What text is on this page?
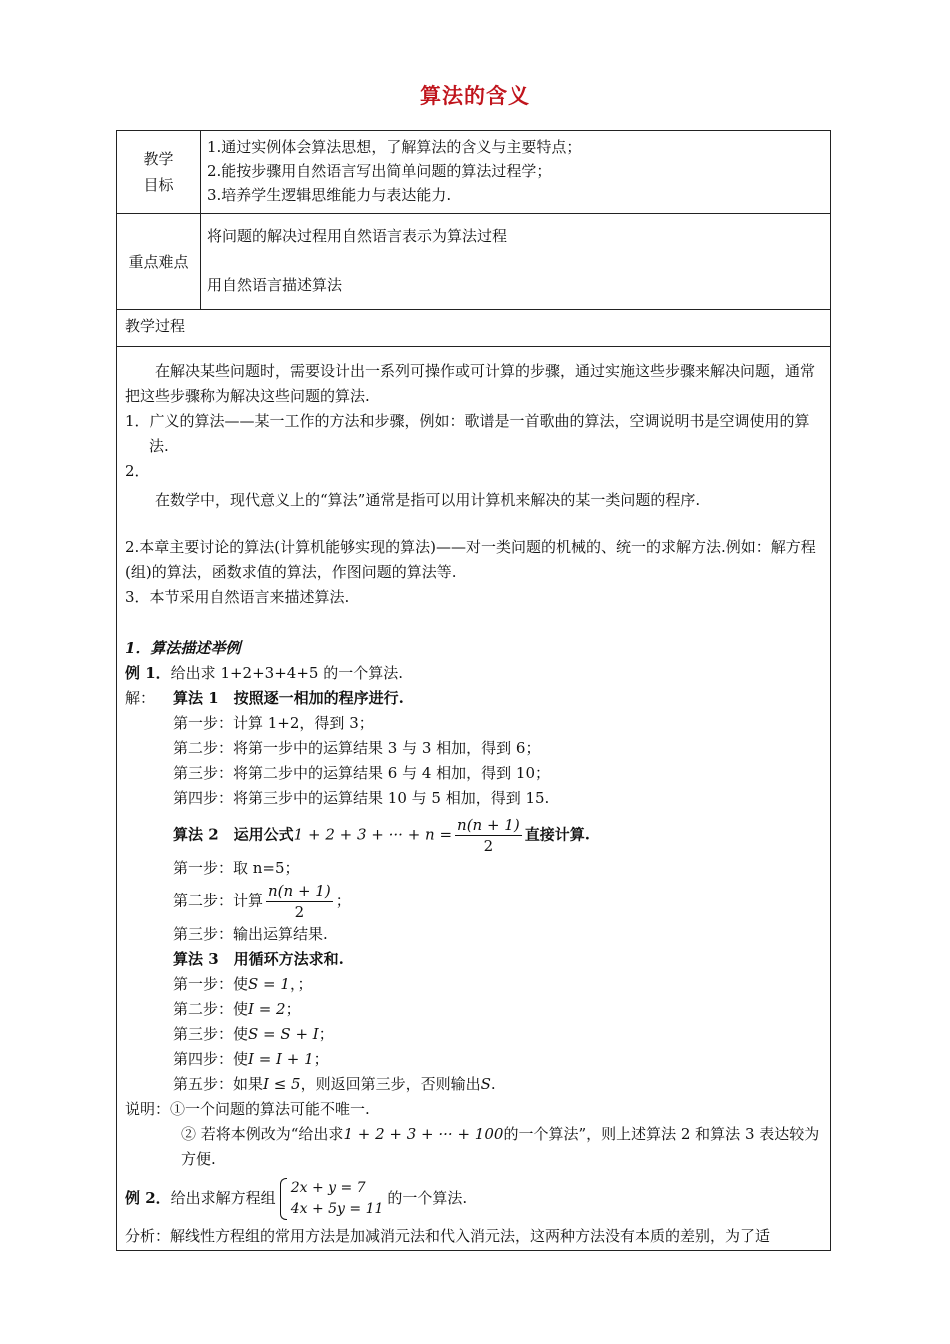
算法的含义
教学目标

1.通过实例体会算法思想，了解算法的含义与主要特点；

2.能按步骤用自然语言写出简单问题的算法过程学；

3.培养学生逻辑思维能力与表达能力.

重点难点

将问题的解决过程用自然语言表示为算法过程

用自然语言描述算法

教学过程

在解决某些问题时，需要设计出一系列可操作或可计算的步骤，通过实施这些步骤来解决问题，通常把这些步骤称为解决这些问题的算法.

1．广义的算法——某一工作的方法和步骤，例如：歌谱是一首歌曲的算法，空调说明书是空调使用的算法.

2．

在数学中，现代意义上的“算法”通常是指可以用计算机来解决的某一类问题的程序.

2.本章主要讨论的算法(计算机能够实现的算法)——对一类问题的机械的、统一的求解方法.例如：解方程(组)的算法，函数求值的算法，作图问题的算法等.

3．本节采用自然语言来描述算法.

1．算法描述举例

例 1．给出求 1+2+3+4+5 的一个算法.

解： 算法 1　按照逐一相加的程序进行.

第一步：计算 1+2，得到 3；

第二步：将第一步中的运算结果 3 与 3 相加，得到 6；

第三步：将第二步中的运算结果 6 与 4 相加，得到 10；

第四步：将第三步中的运算结果 10 与 5 相加，得到 15.

算法 2　运用公式1 + 2 + 3 + ··· + $n = \frac{n(n + 1)}{2}$ 直接计算.

第一步：取 n=5；

第二步：计算 $\frac{n(n + 1)}{2}$ ；

第三步：输出运算结果.

算法 3　用循环方法求和.

第一步：使S = 1，；

第二步：使I = 2；

第三步：使S = S + I；

第四步：使I = I + 1；

第五步：如果I ≤ 5，则返回第三步，否则输出S.

说明：①一个问题的算法可能不唯一.

② 若将本例改为“给出求1 + 2 + 3 + ··· + 100的一个算法”，则上述算法 2 和算法 3 表达较为方便.

例 2．给出求解方程组
2x + y = 7
4x + 5y = 11
的一个算法.

分析：解线性方程组的常用方法是加减消元法和代入消元法，这两种方法没有本质的差别，为了适
